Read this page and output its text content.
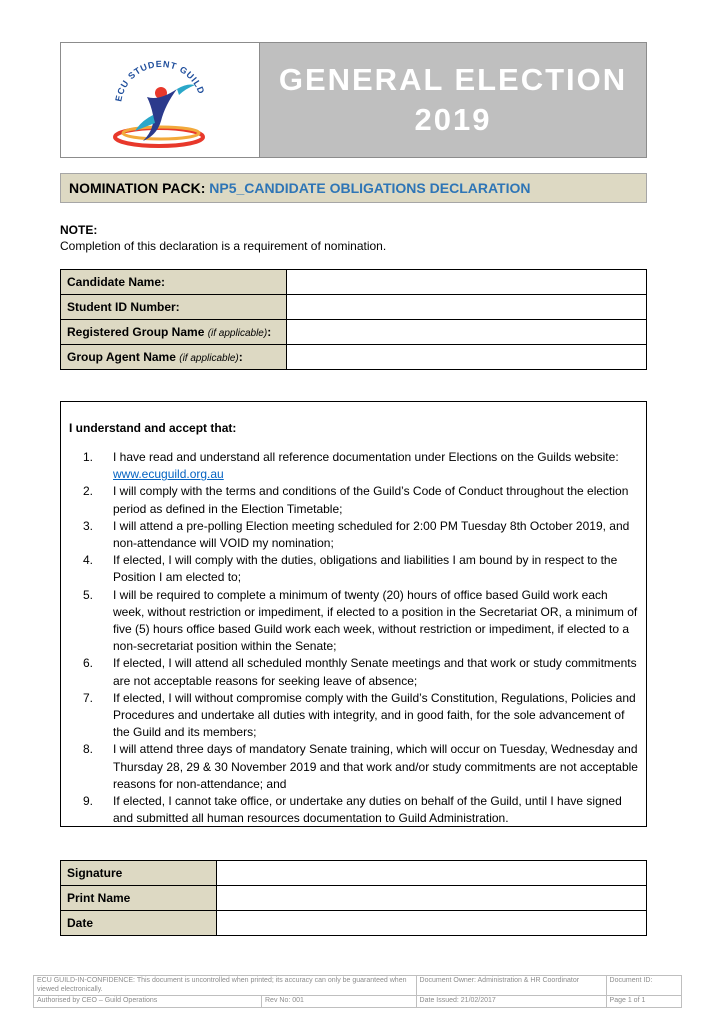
ECU STUDENT GUILD GENERAL ELECTION
2019
NOMINATION PACK: NP5_CANDIDATE OBLIGATIONS DECLARATION
NOTE:
Completion of this declaration is a requirement of nomination.
Candidate Name:	
Student ID Number:	
Registered Group Name (if applicable):	
Group Agent Name (if applicable):	
I understand and accept that:
1.	I have read and understand all reference documentation under Elections on the Guilds website:
www.ecuguild.org.au
2.	I will comply with the terms and conditions of the Guild’s Code of Conduct throughout the election period as defined in the Election Timetable;
3.	I will attend a pre-polling Election meeting scheduled for 2:00 PM Tuesday 8th October 2019, and non-attendance will VOID my nomination;
4.	If elected, I will comply with the duties, obligations and liabilities I am bound by in respect to the Position I am elected to;
5.	I will be required to complete a minimum of twenty (20) hours of office based Guild work each week, without restriction or impediment, if elected to a position in the Secretariat OR, a minimum of five (5) hours office based Guild work each week, without restriction or impediment, if elected to a non-secretariat position within the Senate;
6.	If elected, I will attend all scheduled monthly Senate meetings and that work or study commitments are not acceptable reasons for seeking leave of absence;
7.	If elected, I will without compromise comply with the Guild’s Constitution, Regulations, Policies and Procedures and undertake all duties with integrity, and in good faith, for the sole advancement of the Guild and its members;
8.	I will attend three days of mandatory Senate training, which will occur on Tuesday, Wednesday and Thursday 28, 29 & 30 November 2019 and that work and/or study commitments are not acceptable reasons for non-attendance; and
9.	If elected, I cannot take office, or undertake any duties on behalf of the Guild, until I have signed and submitted all human resources documentation to Guild Administration.
Signature	
Print Name	
Date	
ECU GUILD-IN-CONFIDENCE: This document is uncontrolled when printed; its accuracy can only be guaranteed when viewed electronically.		Document Owner: Administration & HR Coordinator	Document ID:
Authorised by CEO – Guild Operations	Rev No: 001	Date Issued: 21/02/2017	Page 1 of 1
